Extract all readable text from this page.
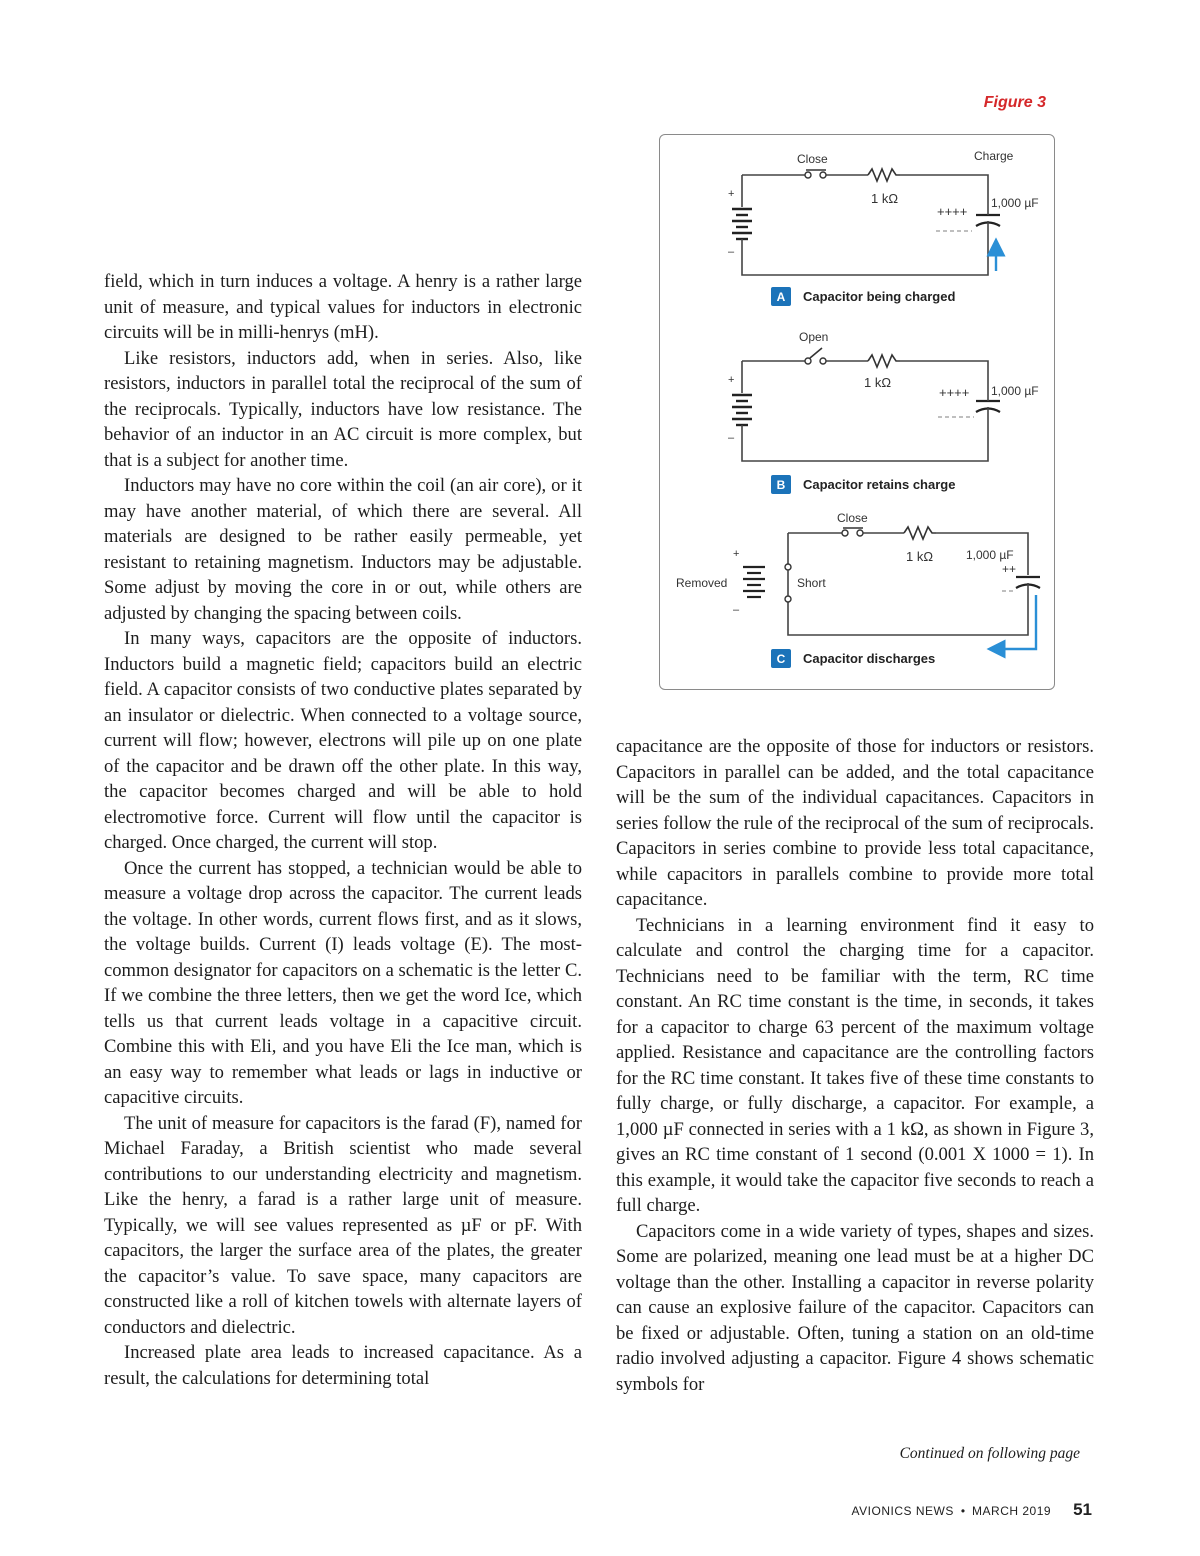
Figure 3
+
–
Close
1 kΩ
Charge
++++
1,000 µF
A Capacitor being charged
+
–
Open
1 kΩ
++++ 1,000 µF
B Capacitor retains charge
Short
+
–
Removed
Close
1 kΩ	1,000 µF
++
C Capacitor discharges

field, which in turn induces a voltage. A henry is a rather large unit of measure, and typical values for inductors in electronic circuits will be in milli-henrys (mH).

Like resistors, inductors add, when in series. Also, like resistors, inductors in parallel total the reciprocal of the sum of the reciprocals. Typically, inductors have low resistance. The behavior of an inductor in an AC circuit is more complex, but that is a subject for another time.

Inductors may have no core within the coil (an air core), or it may have another material, of which there are several. All materials are designed to be rather easily permeable, yet resistant to retaining magnetism. Inductors may be adjustable. Some adjust by moving the core in or out, while others are adjusted by changing the spacing between coils.

In many ways, capacitors are the opposite of inductors. Inductors build a magnetic field; capacitors build an electric field. A capacitor consists of two conductive plates separated by an insulator or dielectric. When connected to a voltage source, current will flow; however, electrons will pile up on one plate of the capacitor and be drawn off the other plate. In this way, the capacitor becomes charged and will be able to hold electromotive force. Current will flow until the capacitor is charged. Once charged, the current will stop.

Once the current has stopped, a technician would be able to measure a voltage drop across the capacitor. The current leads the voltage. In other words, current flows first, and as it slows, the voltage builds. Current (I) leads voltage (E). The most-common designator for capacitors on a schematic is the letter C. If we combine the three letters, then we get the word Ice, which tells us that current leads voltage in a capacitive circuit. Combine this with Eli, and you have Eli the Ice man, which is an easy way to remember what leads or lags in inductive or capacitive circuits.

The unit of measure for capacitors is the farad (F), named for Michael Faraday, a British scientist who made several contributions to our understanding electricity and magnetism. Like the henry, a farad is a rather large unit of measure. Typically, we will see values represented as µF or pF. With capacitors, the larger the surface area of the plates, the greater the capacitor’s value. To save space, many capacitors are constructed like a roll of kitchen towels with alternate layers of conductors and dielectric.

Increased plate area leads to increased capacitance. As a result, the calculations for determining total

capacitance are the opposite of those for inductors or resistors. Capacitors in parallel can be added, and the total capacitance will be the sum of the individual capacitances. Capacitors in series follow the rule of the reciprocal of the sum of reciprocals. Capacitors in series combine to provide less total capacitance, while capacitors in parallels combine to provide more total capacitance.

Technicians in a learning environment find it easy to calculate and control the charging time for a capacitor. Technicians need to be familiar with the term, RC time constant. An RC time constant is the time, in seconds, it takes for a capacitor to charge 63 percent of the maximum voltage applied. Resistance and capacitance are the controlling factors for the RC time constant. It takes five of these time constants to fully charge, or fully discharge, a capacitor. For example, a 1,000 µF connected in series with a 1 kΩ, as shown in Figure 3, gives an RC time constant of 1 second (0.001 X 1000 = 1). In this example, it would take the capacitor five seconds to reach a full charge.

Capacitors come in a wide variety of types, shapes and sizes. Some are polarized, meaning one lead must be at a higher DC voltage than the other. Installing a capacitor in reverse polarity can cause an explosive failure of the capacitor. Capacitors can be fixed or adjustable. Often, tuning a station on an old-time radio involved adjusting a capacitor. Figure 4 shows schematic symbols for

Continued on following page
AVIONICS NEWS • MARCH 2019 51
